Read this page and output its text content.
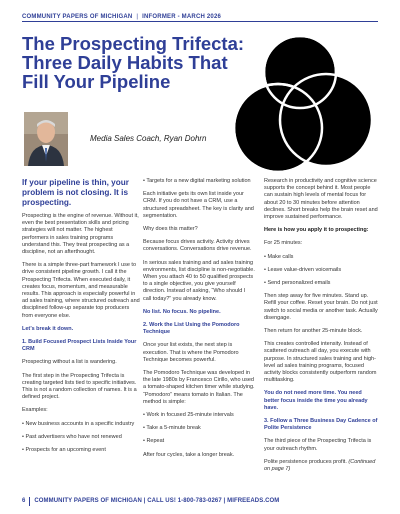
COMMUNITY PAPERS OF MICHIGAN | INFORMER - MARCH 2026
The Prospecting Trifecta:
Three Daily Habits That
Fill Your Pipeline
Media Sales Coach, Ryan Dohrn

If your pipeline is thin, your problem is not closing. It is prospecting.

Prospecting is the engine of revenue. Without it, even the best presentation skills and pricing strategies will not matter. The highest performers in sales training programs understand this. They treat prospecting as a discipline, not an afterthought.

There is a simple three-part framework I use to drive consistent pipeline growth. I call it the Prospecting Trifecta. When executed daily, it creates focus, momentum, and measurable results. This approach is especially powerful in ad sales training, where structured outreach and disciplined follow-up separate top producers from everyone else.

Let’s break it down.

1. Build Focused Prospect Lists Inside Your CRM

Prospecting without a list is wandering.

The first step in the Prospecting Trifecta is creating targeted lists tied to specific initiatives. This is not a random collection of names. It is a defined project.

Examples:

• New business accounts in a specific industry

• Past advertisers who have not renewed

• Prospects for an upcoming event

• Targets for a new digital marketing solution

Each initiative gets its own list inside your CRM. If you do not have a CRM, use a structured spreadsheet. The key is clarity and segmentation.

Why does this matter?

Because focus drives activity. Activity drives conversations. Conversations drive revenue.

In serious sales training and ad sales training environments, list discipline is non-negotiable. When you attach 40 to 50 qualified prospects to a single objective, you give yourself direction. Instead of asking, “Who should I call today?” you already know.

No list. No focus. No pipeline.

2. Work the List Using the Pomodoro Technique

Once your list exists, the next step is execution. That is where the Pomodoro Technique becomes powerful.

The Pomodoro Technique was developed in the late 1980s by Francesco Cirillo, who used a tomato-shaped kitchen timer while studying. “Pomodoro” means tomato in Italian. The method is simple:

• Work in focused 25-minute intervals

• Take a 5-minute break

• Repeat

After four cycles, take a longer break.

Research in productivity and cognitive science supports the concept behind it. Most people can sustain high levels of mental focus for about 20 to 30 minutes before attention declines. Short breaks help the brain reset and improve sustained performance.

Here is how you apply it to prospecting:

For 25 minutes:

• Make calls

• Leave value-driven voicemails

• Send personalized emails

Then step away for five minutes. Stand up. Refill your coffee. Reset your brain. Do not just switch to social media or another task. Actually disengage.

Then return for another 25-minute block.

This creates controlled intensity. Instead of scattered outreach all day, you execute with purpose. In structured sales training and high-level ad sales training programs, focused activity blocks consistently outperform random multitasking.

You do not need more time. You need better focus inside the time you already have.

3. Follow a Three Business Day Cadence of Polite Persistence

The third piece of the Prospecting Trifecta is your outreach rhythm.

Polite persistence produces profit. (Continued on page 7)

6 COMMUNITY PAPERS OF MICHIGAN | CALL US! 1-800-783-0267 | MIFREEADS.COM
